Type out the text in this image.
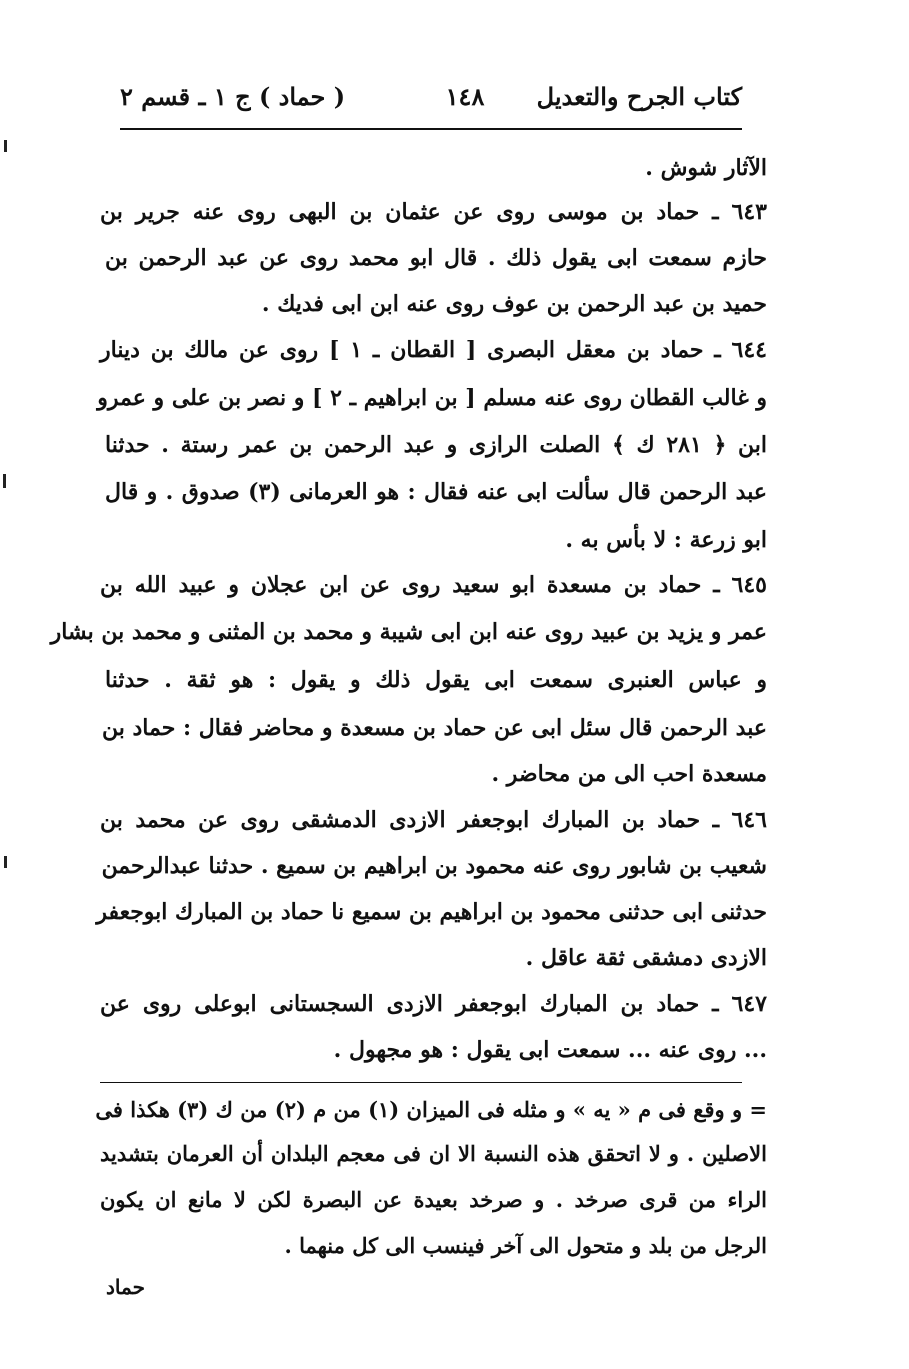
كتاب الجرح والتعديل
١٤٨
( حماد ) ج ١ ـ قسم ٢
الآثار شوش .
٦٤٣ ـ حماد بن موسى روى عن عثمان بن البهى روى عنه جرير بن
حازم سمعت ابى يقول ذلك . قال ابو محمد روى عن عبد الرحمن بن
حميد بن عبد الرحمن بن عوف روى عنه ابن ابى فديك .
٦٤٤ ـ حماد بن معقل البصرى [ القطان ـ ١ ] روى عن مالك بن دينار
و غالب القطان روى عنه مسلم [ بن ابراهيم ـ ٢ ] و نصر بن على و عمرو
ابن ﴿ ٢٨١ ك ﴾ الصلت الرازى و عبد الرحمن بن عمر رستة . حدثنا
عبد الرحمن قال سألت ابى عنه فقال : هو العرمانى (٣) صدوق . و قال
ابو زرعة : لا بأس به .
٦٤٥ ـ حماد بن مسعدة ابو سعيد روى عن ابن عجلان و عبيد الله بن
عمر و يزيد بن عبيد روى عنه ابن ابى شيبة و محمد بن المثنى و محمد بن بشار
و عباس العنبرى سمعت ابى يقول ذلك و يقول : هو ثقة . حدثنا
عبد الرحمن قال سئل ابى عن حماد بن مسعدة و محاضر فقال : حماد بن
مسعدة احب الى من محاضر .
٦٤٦ ـ حماد بن المبارك ابوجعفر الازدى الدمشقى روى عن محمد بن
شعيب بن شابور روى عنه محمود بن ابراهيم بن سميع . حدثنا عبدالرحمن
حدثنى ابى حدثنى محمود بن ابراهيم بن سميع نا حماد بن المبارك ابوجعفر
الازدى دمشقى ثقة عاقل .
٦٤٧ ـ حماد بن المبارك ابوجعفر الازدى السجستانى ابوعلى روى عن
... روى عنه ... سمعت ابى يقول : هو مجهول .
= و وقع فى م « يه » و مثله فى الميزان (١) من م (٢) من ك (٣) هكذا فى
الاصلين . و لا اتحقق هذه النسبة الا ان فى معجم البلدان أن العرمان بتشديد
الراء من قرى صرخد . و صرخد بعيدة عن البصرة لكن لا مانع ان يكون
الرجل من بلد و متحول الى آخر فينسب الى كل منهما .
حماد
